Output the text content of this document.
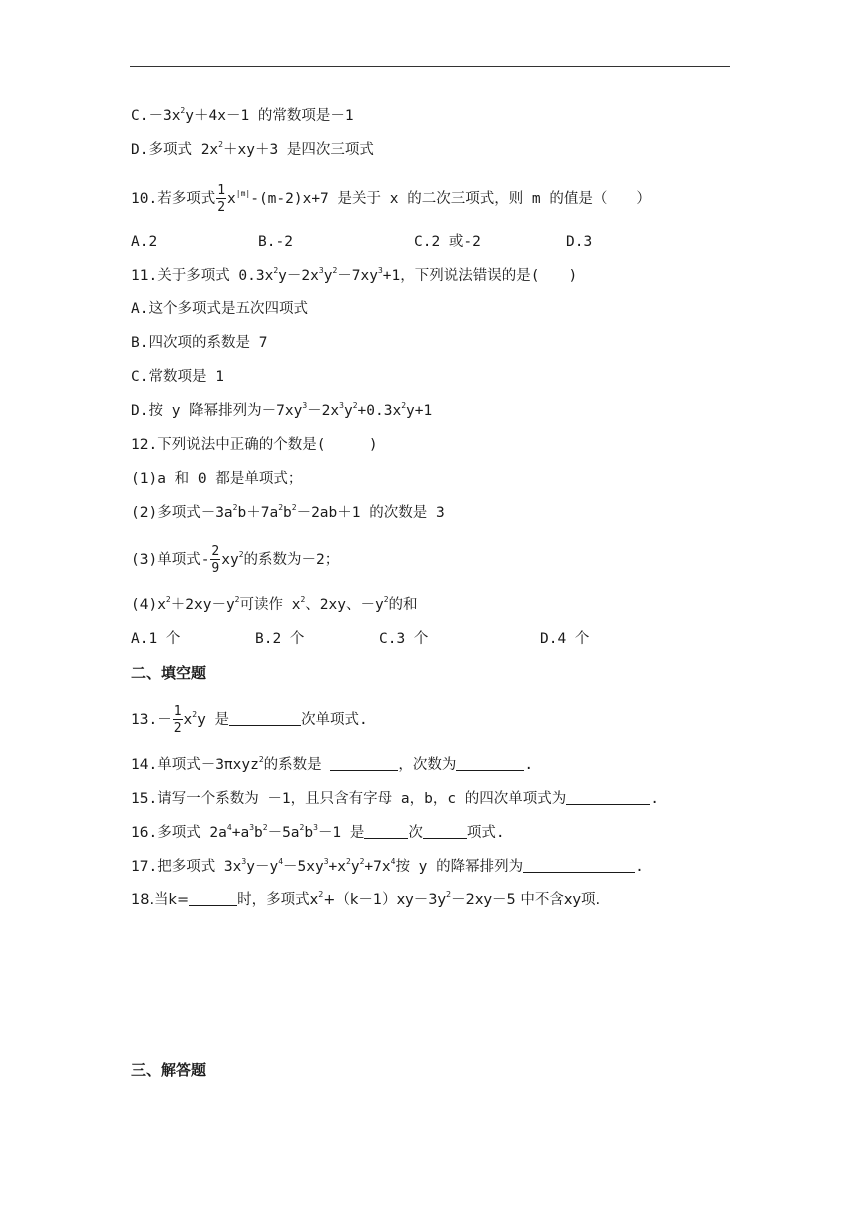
$C.-3x^2y+4x-1$ 的常数项是－1
D.多项式 $2x^2+xy+3$ 是四次三项式
10.若多项式 $\frac{1}{2} x^{|m|}-(m-2)x+7$ 是关于 x 的二次三项式，则 m 的值是（　　）
A.2	B.-2	C.2 或-2	D.3
11.关于多项式 $0.3x^2y-2x^3y^2-7xy^3+1$，下列说法错误的是(　　)
A.这个多项式是五次四项式
B.四次项的系数是 7
C.常数项是 1
D.按 y 降幂排列为$-7xy^3-2x^3y^2+0.3x^2y+1$
12.下列说法中正确的个数是(　　　)
(1)a 和 0 都是单项式；
(2)多项式$-3a^2b+7a^2b^2-2ab+1$ 的次数是 3
(3)单项式- $\frac{2}{9} xy^2$的系数为－2；
$(4)x^2+2xy-y^2$可读作 $x^2$、2xy、$-y^2$的和
A.1 个	B.2 个	C.3 个	D.4 个
二、填空题
$13.- \frac{1}{2} x^2y$ 是	次单项式.
14.单项式－3πxyz$^2$的系数是	，次数为	.
15.请写一个系数为 －1，且只含有字母 a，b，c 的四次单项式为	.
16.多项式 $2a^4+a^3b^2-5a^2b^3-1$ 是	次	项式.
17.把多项式 $3x^3y-y^4-5xy^3+x^2y^2+7x^4$按 y 的降幂排列为	.
18.当k=	时，多项式$x^2+(k-1)xy-3y^2-2xy-5$ 中不含xy项.
三、解答题
